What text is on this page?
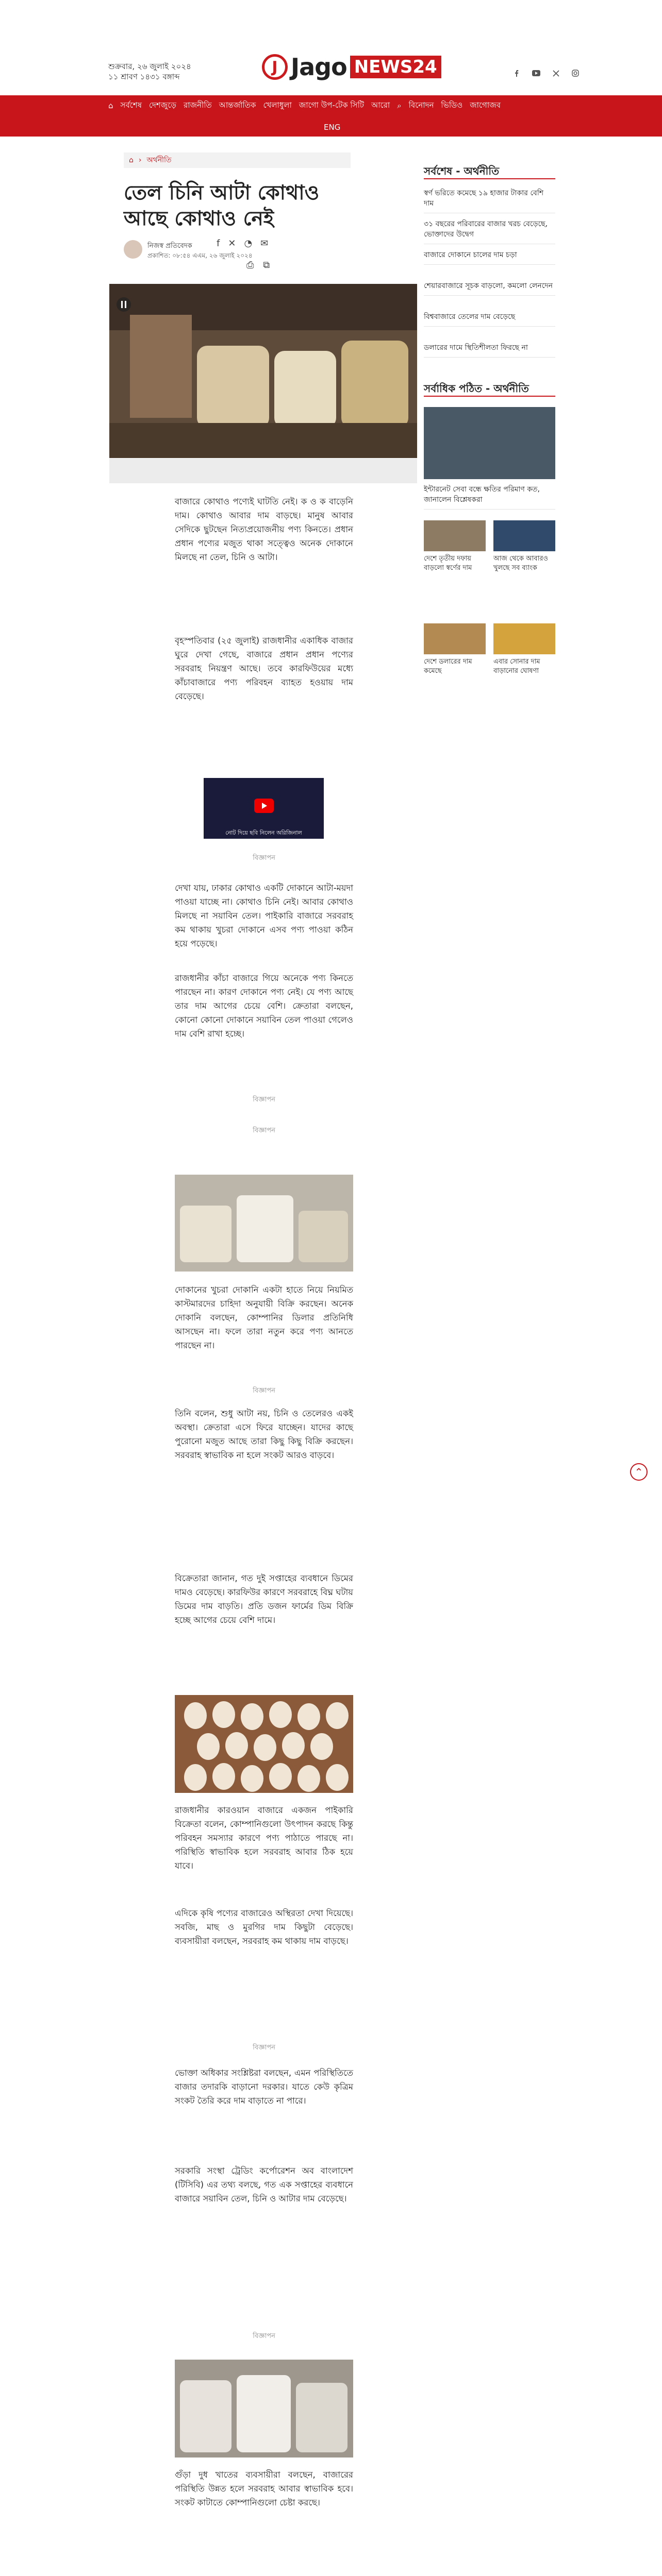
শুক্রবার, ২৬ জুলাই ২০২৪
১১ শ্রাবণ ১৪৩১ বঙ্গাব্দ
J Jago NEWS24
⌂ সর্বশেষ দেশজুড়ে রাজনীতি আন্তর্জাতিক খেলাধুলা জাগো উপ-টেক সিটি আরো ⌕ বিনোদন ভিডিও জাগোজব
ENG
⌂ › অর্থনীতি
তেল চিনি আটা কোথাও আছে কোথাও নেই
নিজস্ব প্রতিবেদক
প্রকাশিত: ০৮:৫৪ এএম, ২৬ জুলাই ২০২৪
f ✕ ◔ ✉
⎙ ⧉
বাজারে কোথাও পণ্যেই ঘাটতি নেই। ক ও ক বাড়েনি দাম। কোথাও আবার দাম বাড়ছে। মানুষ আবার সেদিকে ছুটছেন নিত্যপ্রয়োজনীয় পণ্য কিনতে। প্রধান প্রধান পণ্যের মজুত থাকা সত্ত্বেও অনেক দোকানে মিলছে না তেল, চিনি ও আটা।
বৃহস্পতিবার (২৫ জুলাই) রাজধানীর একাধিক বাজার ঘুরে দেখা গেছে, বাজারে প্রধান প্রধান পণ্যের সরবরাহ নিয়ন্ত্রণ আছে। তবে কারফিউয়ের মধ্যে কাঁচাবাজারে পণ্য পরিবহন ব্যাহত হওয়ায় দাম বেড়েছে।
নোট দিয়ে ছবি নিলেন অরিজিনাল
বিজ্ঞাপন
দেখা যায়, ঢাকার কোথাও একটি দোকানে আটা-ময়দা পাওয়া যাচ্ছে না। কোথাও চিনি নেই। আবার কোথাও মিলছে না সয়াবিন তেল। পাইকারি বাজারে সরবরাহ কম থাকায় খুচরা দোকানে এসব পণ্য পাওয়া কঠিন হয়ে পড়েছে।
রাজধানীর কাঁচা বাজারে গিয়ে অনেকে পণ্য কিনতে পারছেন না। কারণ দোকানে পণ্য নেই। যে পণ্য আছে তার দাম আগের চেয়ে বেশি। ক্রেতারা বলছেন, কোনো কোনো দোকানে সয়াবিন তেল পাওয়া গেলেও দাম বেশি রাখা হচ্ছে।
বিজ্ঞাপন
বিজ্ঞাপন
দোকানের খুচরা দোকানি একটা হাতে নিয়ে নিয়মিত কাস্টমারদের চাহিদা অনুযায়ী বিক্রি করছেন। অনেক দোকানি বলছেন, কোম্পানির ডিলার প্রতিনিধি আসছেন না। ফলে তারা নতুন করে পণ্য আনতে পারছেন না।
বিজ্ঞাপন
তিনি বলেন, শুধু আটা নয়, চিনি ও তেলেরও একই অবস্থা। ক্রেতারা এসে ফিরে যাচ্ছেন। যাদের কাছে পুরোনো মজুত আছে তারা কিছু কিছু বিক্রি করছেন। সরবরাহ স্বাভাবিক না হলে সংকট আরও বাড়বে।
বিক্রেতারা জানান, গত দুই সপ্তাহের ব্যবধানে ডিমের দামও বেড়েছে। কারফিউর কারণে সরবরাহে বিঘ্ন ঘটায় ডিমের দাম বাড়তি। প্রতি ডজন ফার্মের ডিম বিক্রি হচ্ছে আগের চেয়ে বেশি দামে।
রাজধানীর কারওয়ান বাজারে একজন পাইকারি বিক্রেতা বলেন, কোম্পানিগুলো উৎপাদন করছে কিন্তু পরিবহন সমস্যার কারণে পণ্য পাঠাতে পারছে না। পরিস্থিতি স্বাভাবিক হলে সরবরাহ আবার ঠিক হয়ে যাবে।
এদিকে কৃষি পণ্যের বাজারেও অস্থিরতা দেখা দিয়েছে। সবজি, মাছ ও মুরগির দাম কিছুটা বেড়েছে। ব্যবসায়ীরা বলছেন, সরবরাহ কম থাকায় দাম বাড়ছে।
বিজ্ঞাপন
ভোক্তা অধিকার সংশ্লিষ্টরা বলছেন, এমন পরিস্থিতিতে বাজার তদারকি বাড়ানো দরকার। যাতে কেউ কৃত্রিম সংকট তৈরি করে দাম বাড়াতে না পারে।
সরকারি সংস্থা ট্রেডিং কর্পোরেশন অব বাংলাদেশ (টিসিবি) এর তথ্য বলছে, গত এক সপ্তাহের ব্যবধানে বাজারে সয়াবিন তেল, চিনি ও আটার দাম বেড়েছে।
বিজ্ঞাপন
গুঁড়া দুধ খাতের ব্যবসায়ীরা বলছেন, বাজারের পরিস্থিতি উন্নত হলে সরবরাহ আবার স্বাভাবিক হবে। সংকট কাটাতে কোম্পানিগুলো চেষ্টা করছে।
সর্বশেষ - অর্থনীতি
স্বর্ণ ভরিতে কমেছে ১৯ হাজার টাকার বেশি দাম
৩১ বছরের পরিবারের বাজার খরচ বেড়েছে, ভোক্তাদের উদ্বেগ
বাজারে দোকানে চালের দাম চড়া
শেয়ারবাজারে সূচক বাড়লো, কমলো লেনদেন
বিশ্ববাজারে তেলের দাম বেড়েছে
ডলারের দামে স্থিতিশীলতা ফিরছে না
সর্বাধিক পঠিত - অর্থনীতি
ইন্টারনেট সেবা বন্ধে ক্ষতির পরিমাণ কত, জানালেন বিশ্লেষকরা
দেশে তৃতীয় দফায় বাড়লো স্বর্ণের দাম
আজ থেকে আবারও খুলছে সব ব্যাংক
দেশে ডলারের দাম কমেছে
এবার সোনার দাম বাড়ানোর ঘোষণা
⌃
